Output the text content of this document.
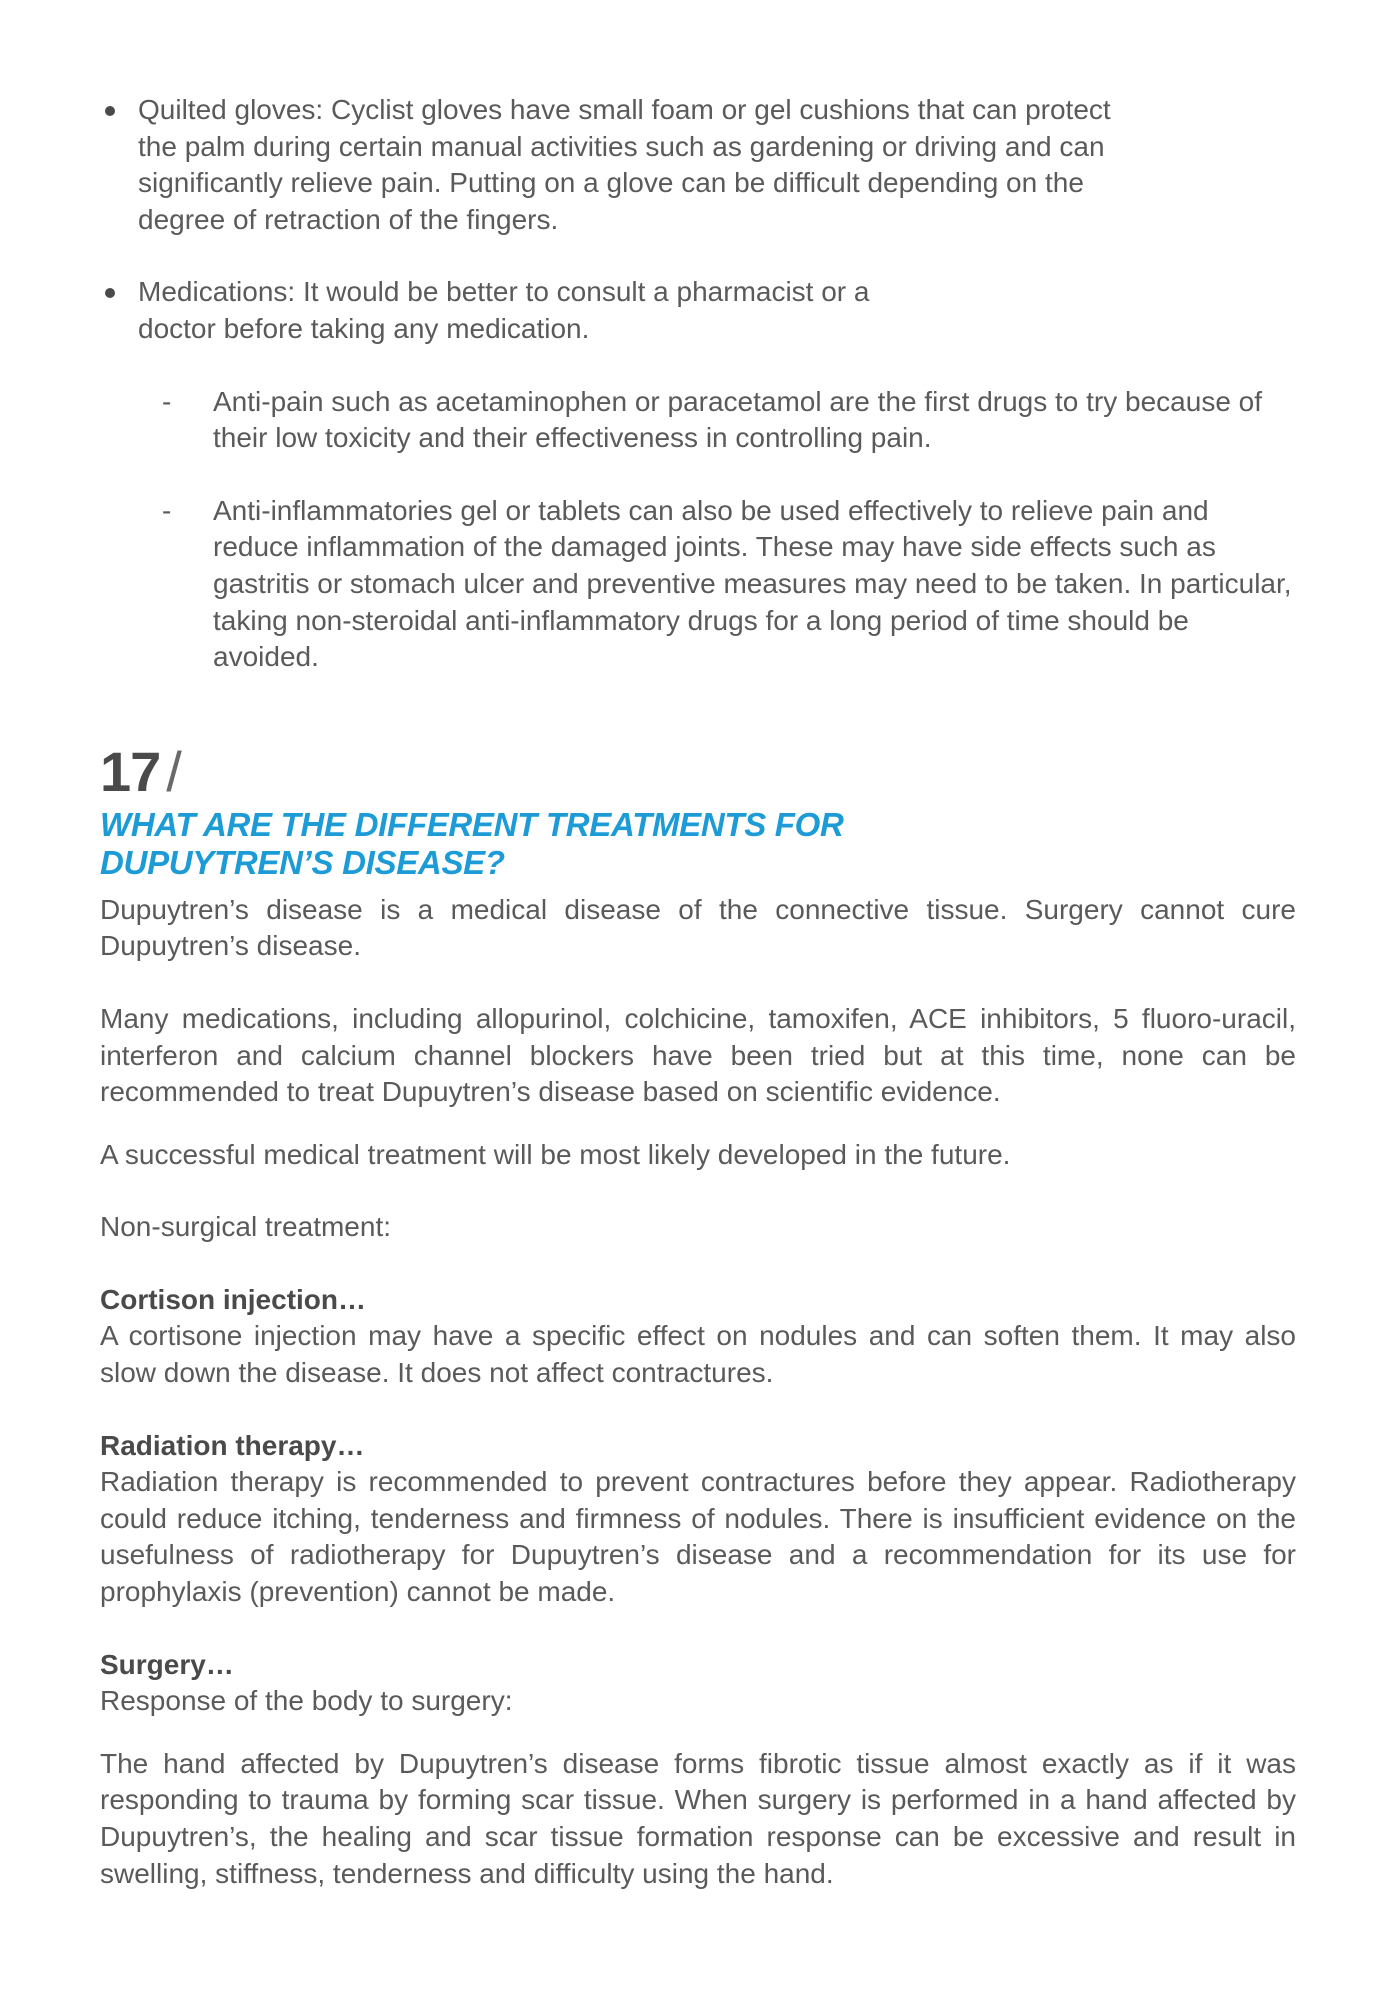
Quilted gloves: Cyclist gloves have small foam or gel cushions that can protect the palm during certain manual activities such as gardening or driving and can significantly relieve pain. Putting on a glove can be difficult depending on the degree of retraction of the fingers.
Medications: It would be better to consult a pharmacist or a doctor before taking any medication.
- Anti-pain such as acetaminophen or paracetamol are the first drugs to try because of their low toxicity and their effectiveness in controlling pain.
- Anti-inflammatories gel or tablets can also be used effectively to relieve pain and reduce inflammation of the damaged joints. These may have side effects such as gastritis or stomach ulcer and preventive measures may need to be taken. In particular, taking non-steroidal anti-inflammatory drugs for a long period of time should be avoided.
17 /
WHAT ARE THE DIFFERENT TREATMENTS FOR DUPUYTREN’S DISEASE?

Dupuytren’s disease is a medical disease of the connective tissue. Surgery cannot cure Dupuytren’s disease.

Many medications, including allopurinol, colchicine, tamoxifen, ACE inhibitors, 5 fluoro-uracil, interferon and calcium channel blockers have been tried but at this time, none can be recommended to treat Dupuytren’s disease based on scientific evidence.

A successful medical treatment will be most likely developed in the future.

Non-surgical treatment:

Cortison injection…

A cortisone injection may have a specific effect on nodules and can soften them. It may also slow down the disease. It does not affect contractures.

Radiation therapy…

Radiation therapy is recommended to prevent contractures before they appear. Radiotherapy could reduce itching, tenderness and firmness of nodules. There is insufficient evidence on the usefulness of radiotherapy for Dupuytren’s disease and a recommendation for its use for prophylaxis (prevention) cannot be made.

Surgery…

Response of the body to surgery:

The hand affected by Dupuytren’s disease forms fibrotic tissue almost exactly as if it was responding to trauma by forming scar tissue. When surgery is performed in a hand affected by Dupuytren’s, the healing and scar tissue formation response can be excessive and result in swelling, stiffness, tenderness and difficulty using the hand.
